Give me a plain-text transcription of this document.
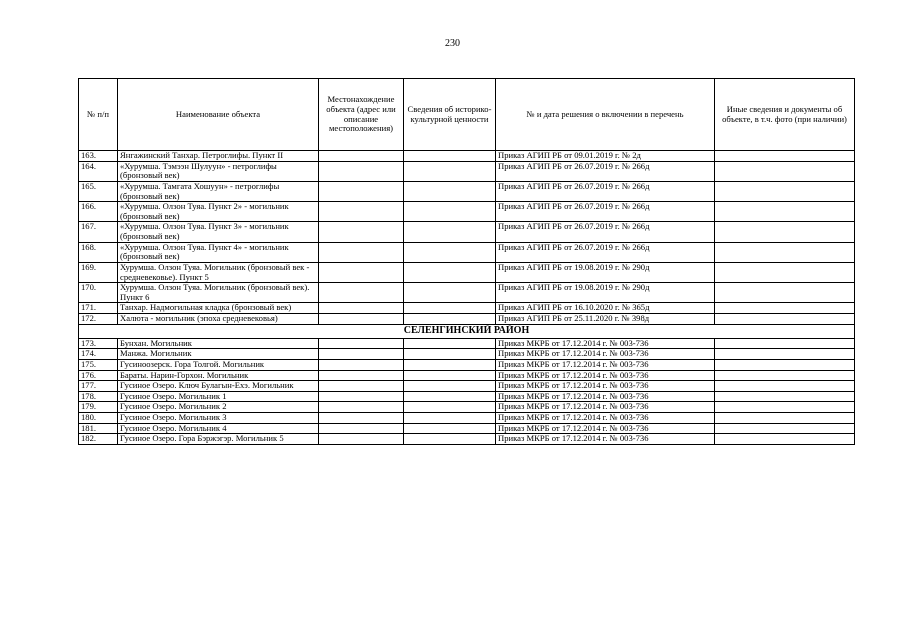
230
№ п/п	Наименование объекта	Местонахождение объекта (адрес или описание местоположения)	Сведения об историко-культурной ценности	№ и дата решения о включении в перечень	Иные сведения и документы об объекте, в т.ч. фото (при наличии)
163.	Янгажинский Танхар. Петроглифы. Пункт II			Приказ АГИП РБ от 09.01.2019 г. № 2д	
164.	«Хурумша. Тэмээн Шулуун» - петроглифы (бронзовый век)			Приказ АГИП РБ от 26.07.2019 г. № 266д	
165.	«Хурумша. Тамгата Хошуун» - петроглифы (бронзовый век)			Приказ АГИП РБ от 26.07.2019 г. № 266д	
166.	«Хурумша. Олзон Туяа. Пункт 2» - могильник (бронзовый век)			Приказ АГИП РБ от 26.07.2019 г. № 266д	
167.	«Хурумша. Олзон Туяа. Пункт 3» - могильник (бронзовый век)			Приказ АГИП РБ от 26.07.2019 г. № 266д	
168.	«Хурумша. Олзон Туяа. Пункт 4» - могильник (бронзовый век)			Приказ АГИП РБ от 26.07.2019 г. № 266д	
169.	Хурумша. Олзон Туяа. Могильник (бронзовый век - средневековье). Пункт 5			Приказ АГИП РБ от 19.08.2019 г. № 290д	
170.	Хурумша. Олзон Туяа. Могильник (бронзовый век). Пункт 6			Приказ АГИП РБ от 19.08.2019 г. № 290д	
171.	Танхар. Надмогильная кладка (бронзовый век)			Приказ АГИП РБ от 16.10.2020 г. № 365д	
172.	Халюта - могильник (эпоха средневековья)			Приказ АГИП РБ от 25.11.2020 г. № 398д	
СЕЛЕНГИНСКИЙ РАЙОН					
173.	Бунхан. Могильник			Приказ МКРБ от 17.12.2014 г. № 003-736	
174.	Манжа. Могильник			Приказ МКРБ от 17.12.2014 г. № 003-736	
175.	Гусиноозерск. Гора Толгой. Могильник			Приказ МКРБ от 17.12.2014 г. № 003-736	
176.	Бараты. Нарин-Горхон. Могильник			Приказ МКРБ от 17.12.2014 г. № 003-736	
177.	Гусиное Озеро. Ключ Булагын-Ехэ. Могильник			Приказ МКРБ от 17.12.2014 г. № 003-736	
178.	Гусиное Озеро. Могильник 1			Приказ МКРБ от 17.12.2014 г. № 003-736	
179.	Гусиное Озеро. Могильник 2			Приказ МКРБ от 17.12.2014 г. № 003-736	
180.	Гусиное Озеро. Могильник 3			Приказ МКРБ от 17.12.2014 г. № 003-736	
181.	Гусиное Озеро. Могильник 4			Приказ МКРБ от 17.12.2014 г. № 003-736	
182.	Гусиное Озеро. Гора Бэржэгэр. Могильник 5			Приказ МКРБ от 17.12.2014 г. № 003-736	
